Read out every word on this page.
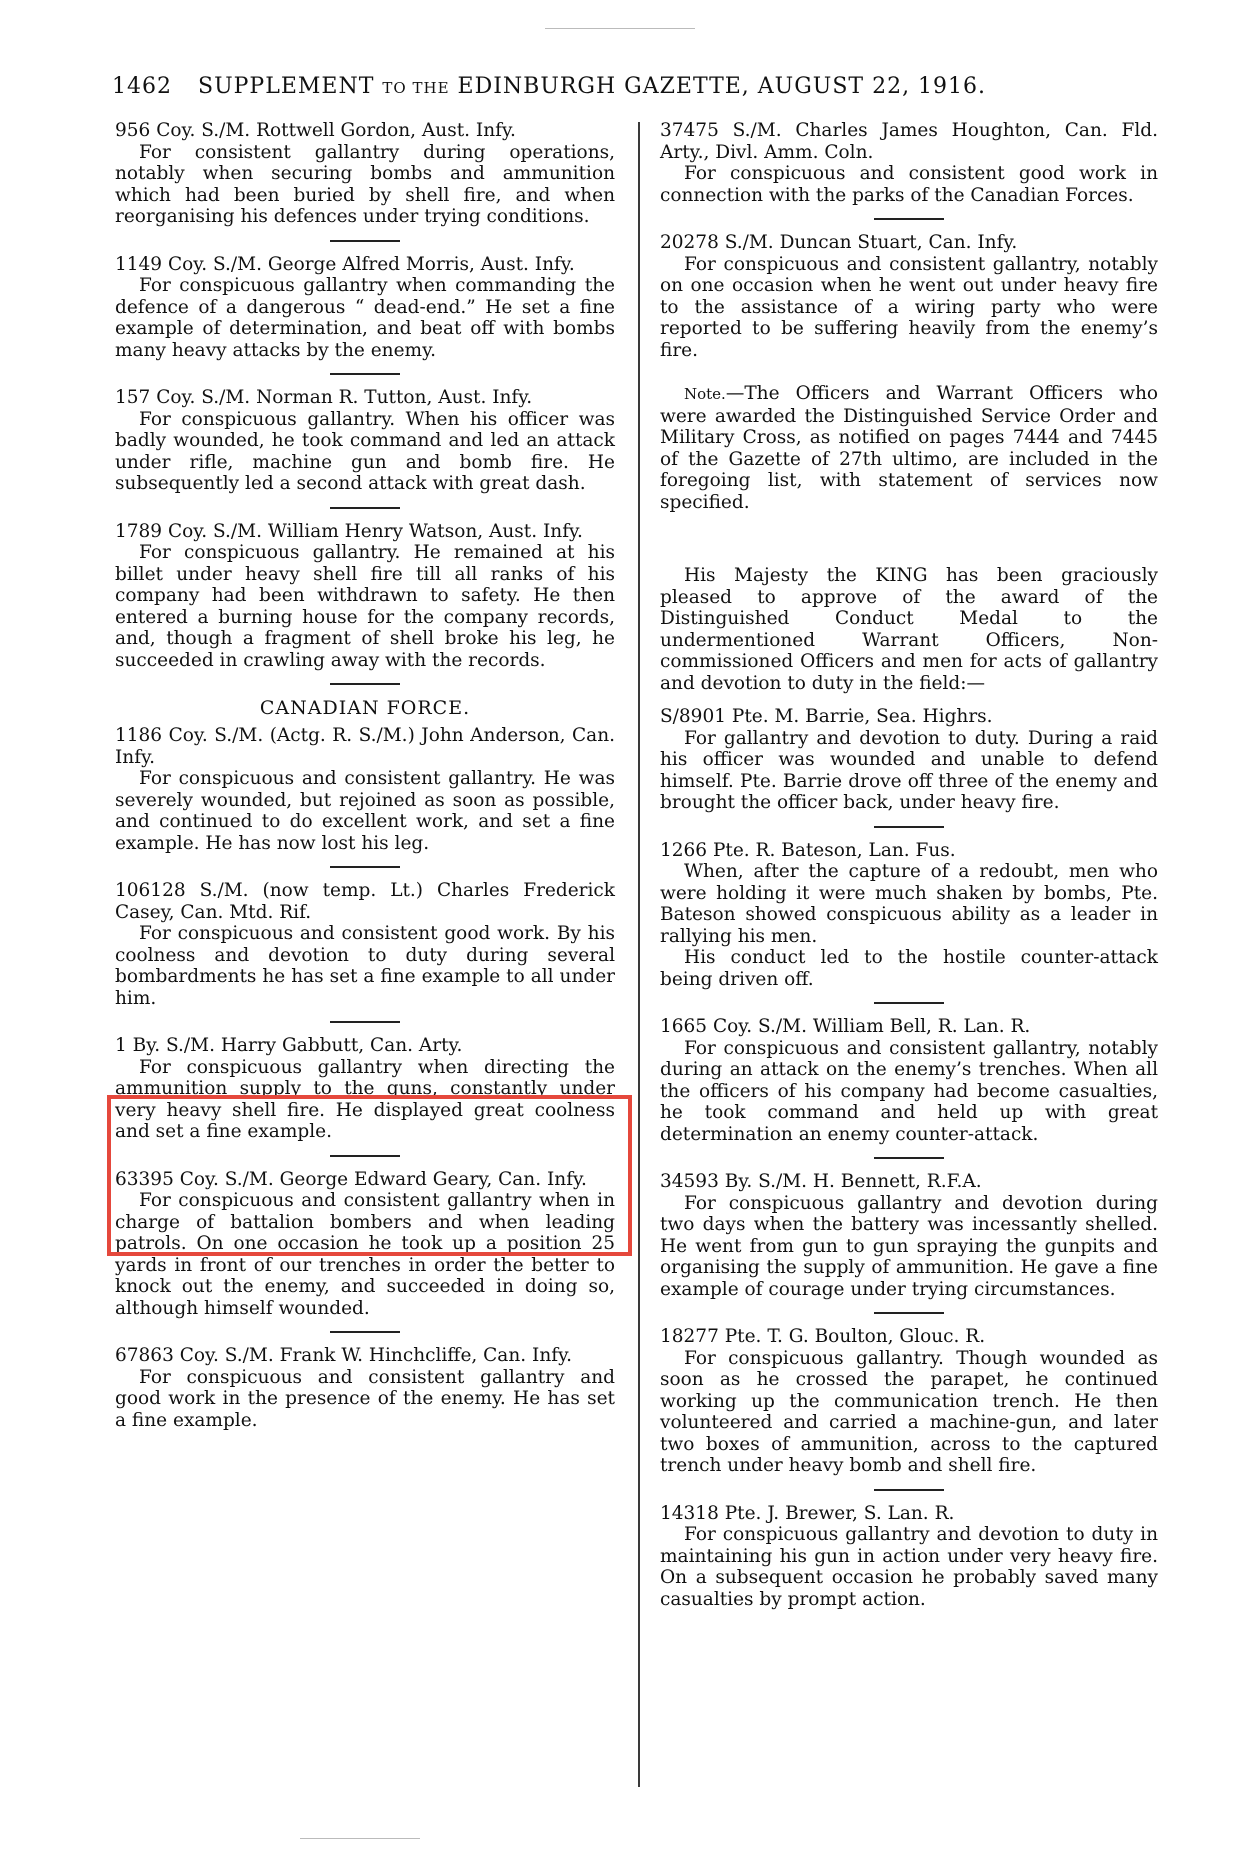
1462 SUPPLEMENT TO THE EDINBURGH GAZETTE, AUGUST 22, 1916.

956 Coy. S./M. Rottwell Gordon, Aust. Infy.

For consistent gallantry during operations, notably when securing bombs and ammunition which had been buried by shell fire, and when reorganising his defences under trying conditions.

1149 Coy. S./M. George Alfred Morris, Aust. Infy.

For conspicuous gallantry when commanding the defence of a dangerous “ dead-end.” He set a fine example of determination, and beat off with bombs many heavy attacks by the enemy.

157 Coy. S./M. Norman R. Tutton, Aust. Infy.

For conspicuous gallantry. When his officer was badly wounded, he took command and led an attack under rifle, machine gun and bomb fire. He subsequently led a second attack with great dash.

1789 Coy. S./M. William Henry Watson, Aust. Infy.

For conspicuous gallantry. He remained at his billet under heavy shell fire till all ranks of his company had been withdrawn to safety. He then entered a burning house for the company records, and, though a fragment of shell broke his leg, he succeeded in crawling away with the records.

CANADIAN FORCE.

1186 Coy. S./M. (Actg. R. S./M.) John Anderson, Can. Infy.

For conspicuous and consistent gallantry. He was severely wounded, but rejoined as soon as possible, and continued to do excellent work, and set a fine example. He has now lost his leg.

106128 S./M. (now temp. Lt.) Charles Frederick Casey, Can. Mtd. Rif.

For conspicuous and consistent good work. By his coolness and devotion to duty during several bombardments he has set a fine example to all under him.

1 By. S./M. Harry Gabbutt, Can. Arty.

For conspicuous gallantry when directing the ammunition supply to the guns, constantly under very heavy shell fire. He displayed great coolness and set a fine example.

63395 Coy. S./M. George Edward Geary, Can. Infy.

For conspicuous and consistent gallantry when in charge of battalion bombers and when leading patrols. On one occasion he took up a position 25 yards in front of our trenches in order the better to knock out the enemy, and succeeded in doing so, although himself wounded.

67863 Coy. S./M. Frank W. Hinchcliffe, Can. Infy.

For conspicuous and consistent gallantry and good work in the presence of the enemy. He has set a fine example.

37475 S./M. Charles James Houghton, Can. Fld. Arty., Divl. Amm. Coln.

For conspicuous and consistent good work in connection with the parks of the Canadian Forces.

20278 S./M. Duncan Stuart, Can. Infy.

For conspicuous and consistent gallantry, notably on one occasion when he went out under heavy fire to the assistance of a wiring party who were reported to be suffering heavily from the enemy’s fire.

Note.—The Officers and Warrant Officers who were awarded the Distinguished Service Order and Military Cross, as notified on pages 7444 and 7445 of the Gazette of 27th ultimo, are included in the foregoing list, with statement of services now specified.

His Majesty the KING has been graciously pleased to approve of the award of the Distinguished Conduct Medal to the undermentioned Warrant Officers, Non-commissioned Officers and men for acts of gallantry and devotion to duty in the field:—

S/8901 Pte. M. Barrie, Sea. Highrs.

For gallantry and devotion to duty. During a raid his officer was wounded and unable to defend himself. Pte. Barrie drove off three of the enemy and brought the officer back, under heavy fire.

1266 Pte. R. Bateson, Lan. Fus.

When, after the capture of a redoubt, men who were holding it were much shaken by bombs, Pte. Bateson showed conspicuous ability as a leader in rallying his men.

His conduct led to the hostile counter-attack being driven off.

1665 Coy. S./M. William Bell, R. Lan. R.

For conspicuous and consistent gallantry, notably during an attack on the enemy’s trenches. When all the officers of his company had become casualties, he took command and held up with great determination an enemy counter-attack.

34593 By. S./M. H. Bennett, R.F.A.

For conspicuous gallantry and devotion during two days when the battery was incessantly shelled. He went from gun to gun spraying the gunpits and organising the supply of ammunition. He gave a fine example of courage under trying circumstances.

18277 Pte. T. G. Boulton, Glouc. R.

For conspicuous gallantry. Though wounded as soon as he crossed the parapet, he continued working up the communication trench. He then volunteered and carried a machine-gun, and later two boxes of ammunition, across to the captured trench under heavy bomb and shell fire.

14318 Pte. J. Brewer, S. Lan. R.

For conspicuous gallantry and devotion to duty in maintaining his gun in action under very heavy fire. On a subsequent occasion he probably saved many casualties by prompt action.
